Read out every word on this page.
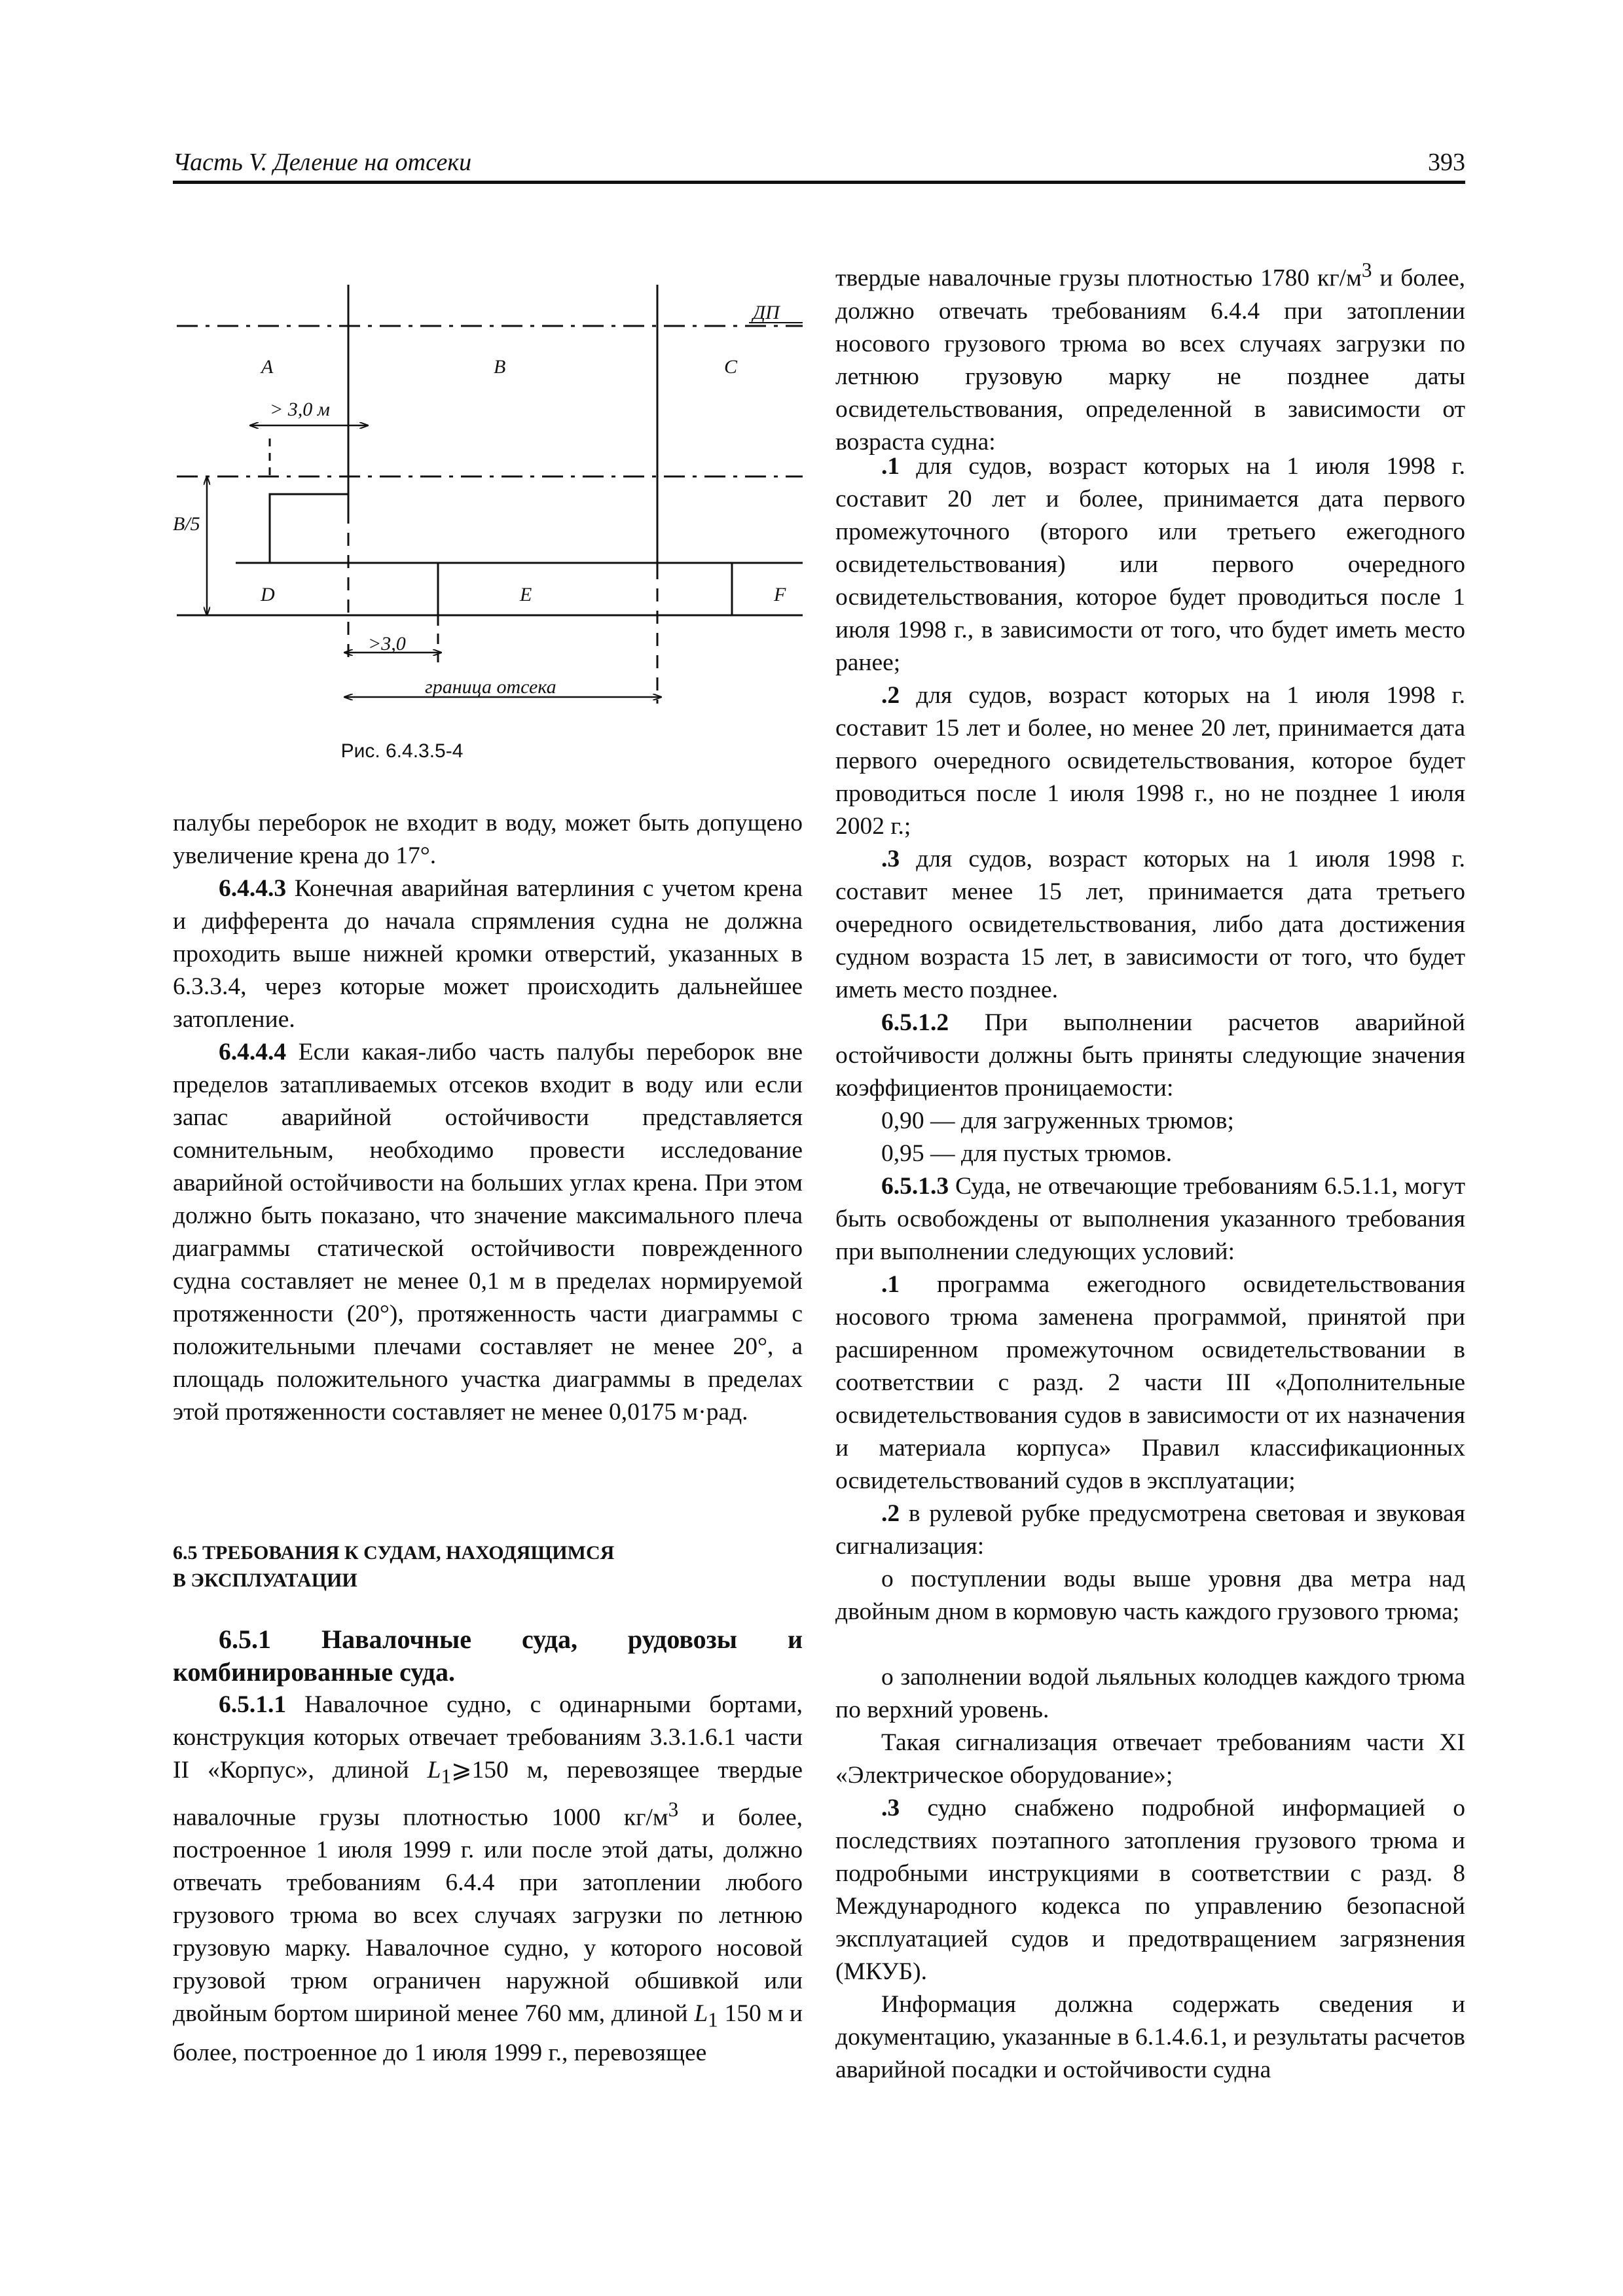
Часть V. Деление на отсеки	393
ДП
A	B	C
D	E	F
B/5
> 3,0 м
>3,0
граница отсека
Рис. 6.4.3.5-4

палубы переборок не входит в воду, может быть допущено увеличение крена до 17°.

6.4.4.3 Конечная аварийная ватерлиния с учетом крена и дифферента до начала спрямления судна не должна проходить выше нижней кромки отверстий, указанных в 6.3.3.4, через которые может происходить дальнейшее затопление.

6.4.4.4 Если какая-либо часть палубы переборок вне пределов затапливаемых отсеков входит в воду или если запас аварийной остойчивости представляется сомнительным, необходимо провести исследование аварийной остойчивости на больших углах крена. При этом должно быть показано, что значение максимального плеча диаграммы статической остойчивости поврежденного судна составляет не менее 0,1 м в пределах нормируемой протяженности (20°), протяженность части диаграммы с положительными плечами составляет не менее 20°, а площадь положительного участка диаграммы в пределах этой протяженности составляет не менее 0,0175 м·рад.

6.5 ТРЕБОВАНИЯ К СУДАМ, НАХОДЯЩИМСЯ

В ЭКСПЛУАТАЦИИ

6.5.1 Навалочные суда, рудовозы и комбинированные суда.

6.5.1.1 Навалочное судно, с одинарными бортами, конструкция которых отвечает требованиям 3.3.1.6.1 части II «Корпус», длиной $L_1⩾150$ м, перевозящее твердые навалочные грузы плотностью 1000 $кг/м^3$ и более, построенное 1 июля 1999 г. или после этой даты, должно отвечать требованиям 6.4.4 при затоплении любого грузового трюма во всех случаях загрузки по летнюю грузовую марку. Навалочное судно, у которого носовой грузовой трюм ограничен наружной обшивкой или двойным бортом шириной менее 760 мм, длиной $L_1$ 150 м и более, построенное до 1 июля 1999 г., перевозящее

твердые навалочные грузы плотностью 1780 $кг/м^3$ и более, должно отвечать требованиям 6.4.4 при затоплении носового грузового трюма во всех случаях загрузки по летнюю грузовую марку не позднее даты освидетельствования, определенной в зависимости от возраста судна:

.1 для судов, возраст которых на 1 июля 1998 г. составит 20 лет и более, принимается дата первого промежуточного (второго или третьего ежегодного освидетельствования) или первого очередного освидетельствования, которое будет проводиться после 1 июля 1998 г., в зависимости от того, что будет иметь место ранее;

.2 для судов, возраст которых на 1 июля 1998 г. составит 15 лет и более, но менее 20 лет, принимается дата первого очередного освидетельствования, которое будет проводиться после 1 июля 1998 г., но не позднее 1 июля 2002 г.;

.3 для судов, возраст которых на 1 июля 1998 г. составит менее 15 лет, принимается дата третьего очередного освидетельствования, либо дата достижения судном возраста 15 лет, в зависимости от того, что будет иметь место позднее.

6.5.1.2 При выполнении расчетов аварийной остойчивости должны быть приняты следующие значения коэффициентов проницаемости:

0,90 — для загруженных трюмов;

0,95 — для пустых трюмов.

6.5.1.3 Суда, не отвечающие требованиям 6.5.1.1, могут быть освобождены от выполнения указанного требования при выполнении следующих условий:

.1 программа ежегодного освидетельствования носового трюма заменена программой, принятой при расширенном промежуточном освидетельствовании в соответствии с разд. 2 части III «Дополнительные освидетельствования судов в зависимости от их назначения и материала корпуса» Правил классификационных освидетельствований судов в эксплуатации;

.2 в рулевой рубке предусмотрена световая и звуковая сигнализация:

о поступлении воды выше уровня два метра над двойным дном в кормовую часть каждого грузового трюма;

о заполнении водой льяльных колодцев каждого трюма по верхний уровень.

Такая сигнализация отвечает требованиям части XI «Электрическое оборудование»;

.3 судно снабжено подробной информацией о последствиях поэтапного затопления грузового трюма и подробными инструкциями в соответствии с разд. 8 Международного кодекса по управлению безопасной эксплуатацией судов и предотвращением загрязнения (МКУБ).

Информация должна содержать сведения и документацию, указанные в 6.1.4.6.1, и результаты расчетов аварийной посадки и остойчивости судна
